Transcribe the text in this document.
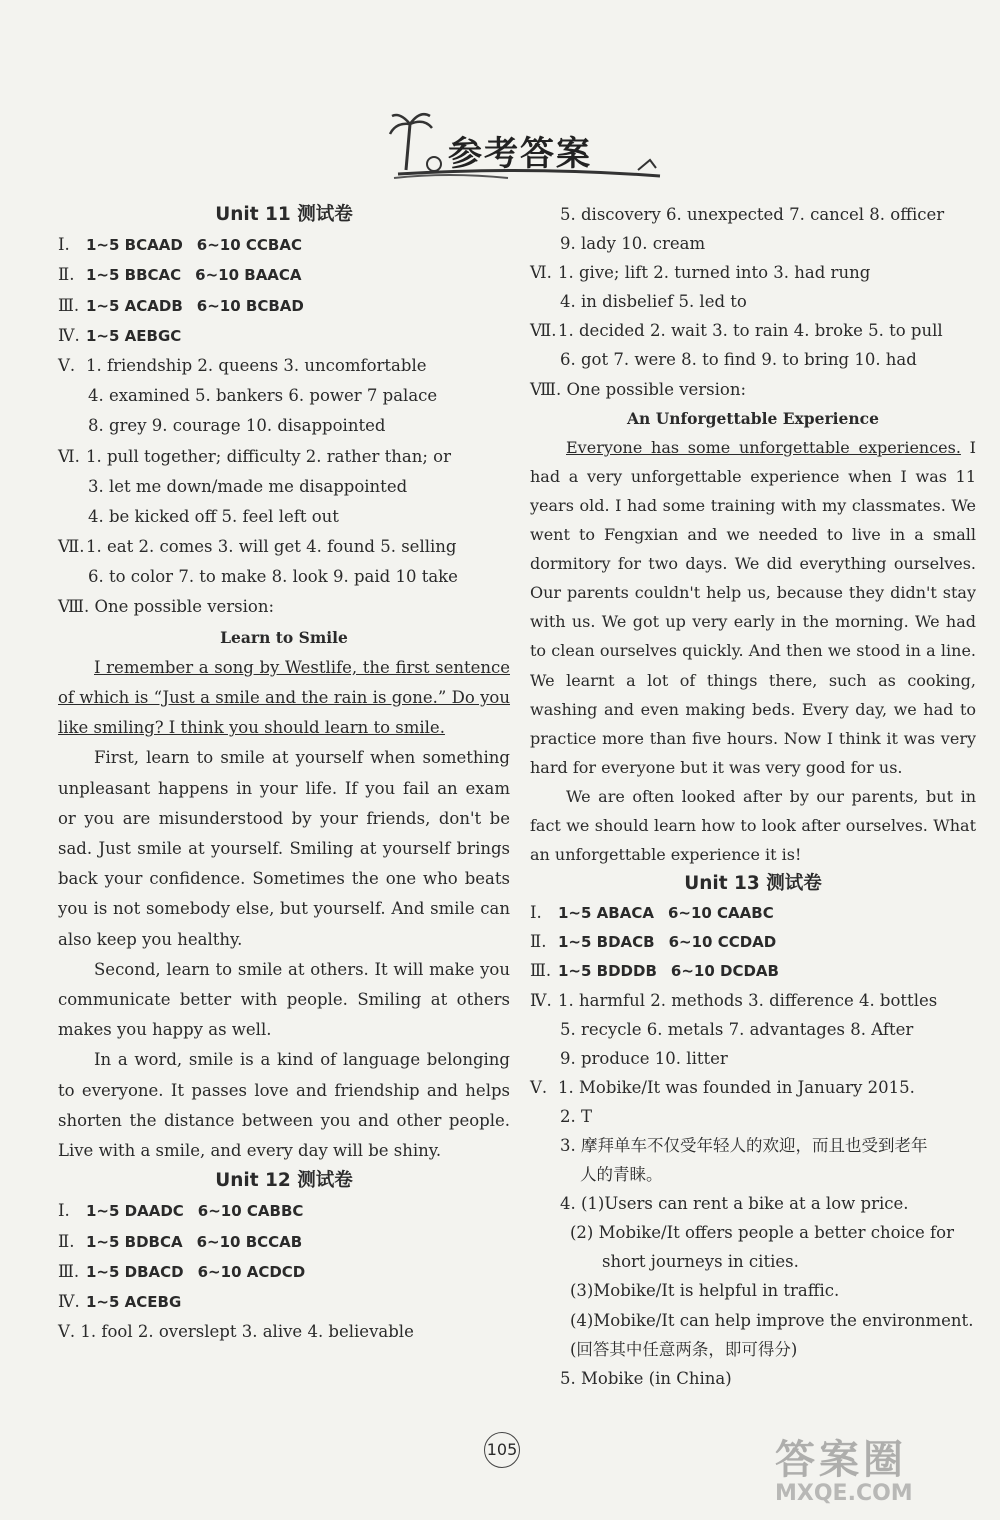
参考答案
Unit 11 测试卷
Ⅰ. 1~5 BCAAD 6~10 CCBAC
Ⅱ. 1~5 BBCAC 6~10 BAACA
Ⅲ. 1~5 ACADB 6~10 BCBAD
Ⅳ. 1~5 AEBGC
Ⅴ. 1. friendship 2. queens 3. uncomfortable
4. examined 5. bankers 6. power 7 palace
8. grey 9. courage 10. disappointed
Ⅵ. 1. pull together; difficulty 2. rather than; or
3. let me down/made me disappointed
4. be kicked off 5. feel left out
Ⅶ.1. eat 2. comes 3. will get 4. found 5. selling
6. to color 7. to make 8. look 9. paid 10 take
Ⅷ. One possible version:
Learn to Smile
I remember a song by Westlife, the first sentence of which is “Just a smile and the rain is gone.” Do you like smiling? I think you should learn to smile.
First, learn to smile at yourself when something unpleasant happens in your life. If you fail an exam or you are misunderstood by your friends, don't be sad. Just smile at yourself. Smiling at yourself brings back your confidence. Sometimes the one who beats you is not somebody else, but yourself. And smile can also keep you healthy.
Second, learn to smile at others. It will make you communicate better with people. Smiling at others makes you happy as well.
In a word, smile is a kind of language belonging to everyone. It passes love and friendship and helps shorten the distance between you and other people. Live with a smile, and every day will be shiny.
Unit 12 测试卷
Ⅰ. 1~5 DAADC 6~10 CABBC
Ⅱ. 1~5 BDBCA 6~10 BCCAB
Ⅲ. 1~5 DBACD 6~10 ACDCD
Ⅳ. 1~5 ACEBG
Ⅴ. 1. fool 2. overslept 3. alive 4. believable
5. discovery 6. unexpected 7. cancel 8. officer
9. lady 10. cream
Ⅵ. 1. give; lift 2. turned into 3. had rung
4. in disbelief 5. led to
Ⅶ.1. decided 2. wait 3. to rain 4. broke 5. to pull
6. got 7. were 8. to find 9. to bring 10. had
Ⅷ. One possible version:
An Unforgettable Experience
Everyone has some unforgettable experiences. I had a very unforgettable experience when I was 11 years old. I had some training with my classmates. We went to Fengxian and we needed to live in a small dormitory for two days. We did everything ourselves. Our parents couldn't help us, because they didn't stay with us. We got up very early in the morning. We had to clean ourselves quickly. And then we stood in a line. We learnt a lot of things there, such as cooking, washing and even making beds. Every day, we had to practice more than five hours. Now I think it was very hard for everyone but it was very good for us.
We are often looked after by our parents, but in fact we should learn how to look after ourselves. What an unforgettable experience it is!
Unit 13 测试卷
Ⅰ. 1~5 ABACA 6~10 CAABC
Ⅱ. 1~5 BDACB 6~10 CCDAD
Ⅲ. 1~5 BDDDB 6~10 DCDAB
Ⅳ. 1. harmful 2. methods 3. difference 4. bottles
5. recycle 6. metals 7. advantages 8. After
9. produce 10. litter
Ⅴ. 1. Mobike/It was founded in January 2015.
2. T
3. 摩拜单车不仅受年轻人的欢迎，而且也受到老年
人的青睐。
4. (1)Users can rent a bike at a low price.
(2) Mobike/It offers people a better choice for
short journeys in cities.
(3)Mobike/It is helpful in traffic.
(4)Mobike/It can help improve the environment.
(回答其中任意两条，即可得分)
5. Mobike (in China)
105	答案圈
MXQE.COM
